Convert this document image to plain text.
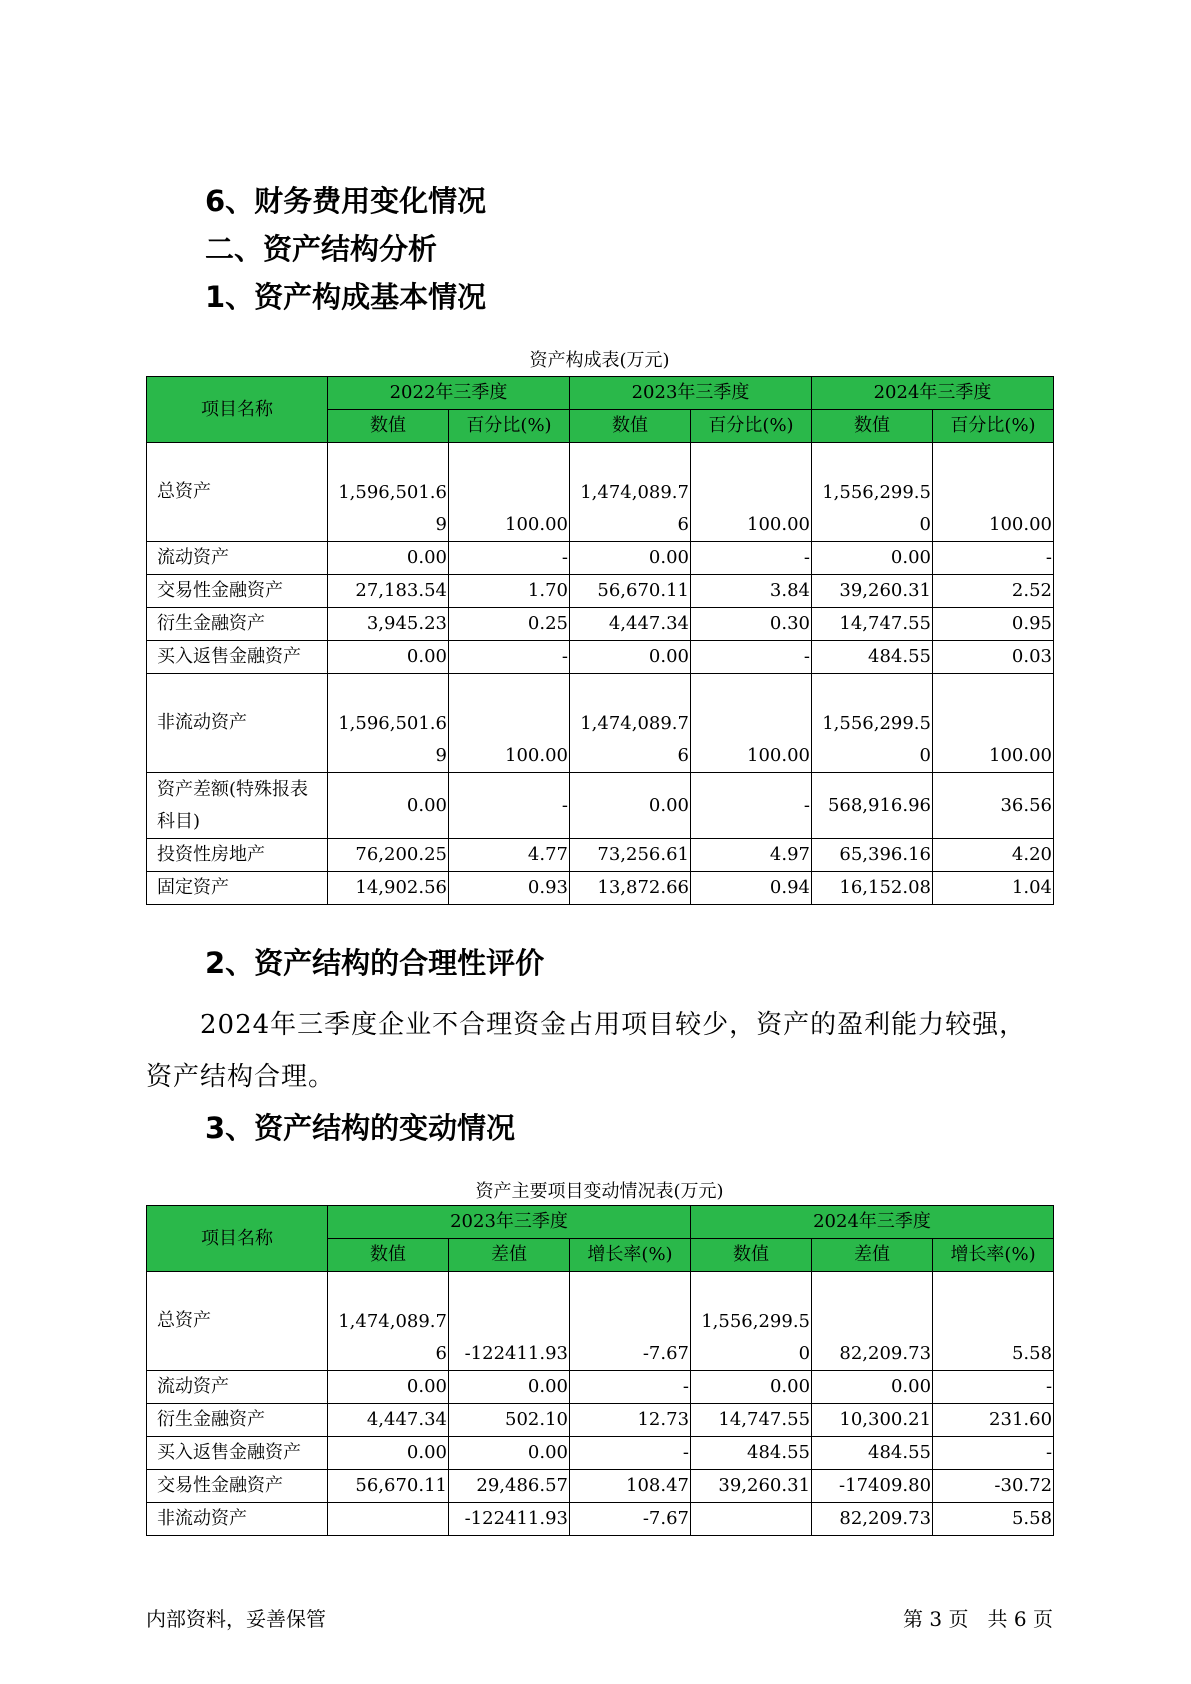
6、财务费用变化情况
二、资产结构分析
1、资产构成基本情况
资产构成表(万元)
项目名称	2022年三季度		2023年三季度		2024年三季度	
	数值	百分比(%)	数值	百分比(%)	数值	百分比(%)
总资产	1,596,501.69	100.00	1,474,089.76	100.00	1,556,299.50	100.00
流动资产	0.00	-	0.00	-	0.00	-
交易性金融资产	27,183.54	1.70	56,670.11	3.84	39,260.31	2.52
衍生金融资产	3,945.23	0.25	4,447.34	0.30	14,747.55	0.95
买入返售金融资产	0.00	-	0.00	-	484.55	0.03
非流动资产	1,596,501.69	100.00	1,474,089.76	100.00	1,556,299.50	100.00
资产差额(特殊报表科目)	0.00	-	0.00	-	568,916.96	36.56
投资性房地产	76,200.25	4.77	73,256.61	4.97	65,396.16	4.20
固定资产	14,902.56	0.93	13,872.66	0.94	16,152.08	1.04
2、资产结构的合理性评价

2024年三季度企业不合理资金占用项目较少，资产的盈利能力较强，资产结构合理。

3、资产结构的变动情况
资产主要项目变动情况表(万元)
项目名称	2023年三季度			2024年三季度		
	数值	差值	增长率(%)	数值	差值	增长率(%)
总资产	1,474,089.76	-122411.93	-7.67	1,556,299.50	82,209.73	5.58
流动资产	0.00	0.00	-	0.00	0.00	-
衍生金融资产	4,447.34	502.10	12.73	14,747.55	10,300.21	231.60
买入返售金融资产	0.00	0.00	-	484.55	484.55	-
交易性金融资产	56,670.11	29,486.57	108.47	39,260.31	-17409.80	-30.72
非流动资产		-122411.93	-7.67		82,209.73	5.58
内部资料，妥善保管	第 3 页   共 6 页
